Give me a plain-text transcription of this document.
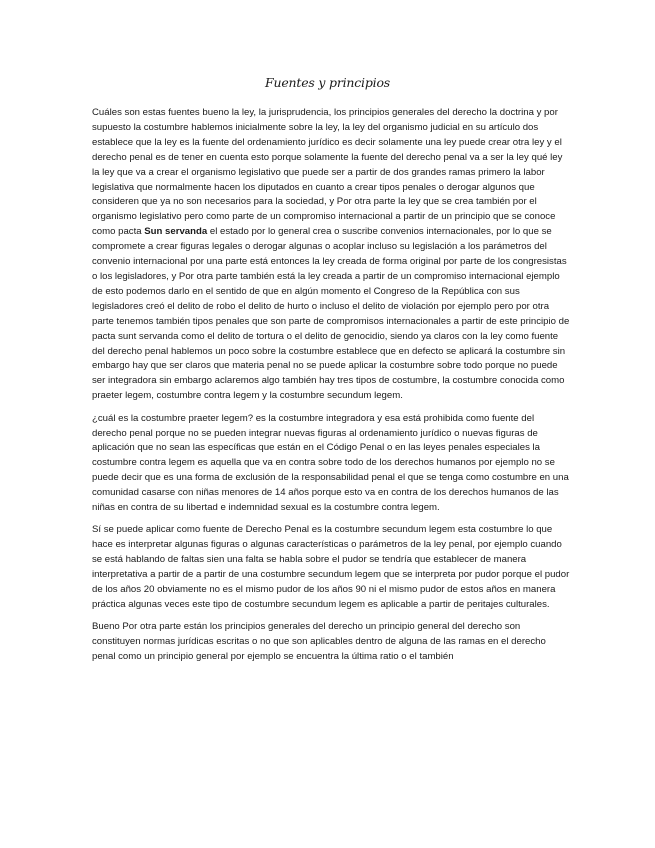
Fuentes y principios

Cuáles son estas fuentes bueno la ley, la jurisprudencia, los principios generales del derecho la doctrina y por supuesto la costumbre hablemos inicialmente sobre la ley, la ley del organismo judicial en su artículo dos establece que la ley es la fuente del ordenamiento jurídico es decir solamente una ley puede crear otra ley y el derecho penal es de tener en cuenta esto porque solamente la fuente del derecho penal va a ser la ley qué ley la ley que va a crear el organismo legislativo que puede ser a partir de dos grandes ramas primero la labor legislativa que normalmente hacen los diputados en cuanto a crear tipos penales o derogar algunos que consideren que ya no son necesarios para la sociedad, y Por otra parte la ley que se crea también por el organismo legislativo pero como parte de un compromiso internacional a partir de un principio que se conoce como pacta Sun servanda el estado por lo general crea o suscribe convenios internacionales, por lo que se compromete a crear figuras legales o derogar algunas o acoplar incluso su legislación a los parámetros del convenio internacional por una parte está entonces la ley creada de forma original por parte de los congresistas o los legisladores, y Por otra parte también está la ley creada a partir de un compromiso internacional ejemplo de esto podemos darlo en el sentido de que en algún momento el Congreso de la República con sus legisladores creó el delito de robo el delito de hurto o incluso el delito de violación por ejemplo pero por otra parte tenemos también tipos penales que son parte de compromisos internacionales a partir de este principio de pacta sunt servanda como el delito de tortura o el delito de genocidio, siendo ya claros con la ley como fuente del derecho penal hablemos un poco sobre la costumbre establece que en defecto se aplicará la costumbre sin embargo hay que ser claros que materia penal no se puede aplicar la costumbre sobre todo porque no puede ser integradora sin embargo aclaremos algo también hay tres tipos de costumbre, la costumbre conocida como praeter legem, costumbre contra legem y la costumbre secundum legem.

¿cuál es la costumbre praeter legem? es la costumbre integradora y esa está prohibida como fuente del derecho penal porque no se pueden integrar nuevas figuras al ordenamiento jurídico o nuevas figuras de aplicación que no sean las específicas que están en el Código Penal o en las leyes penales especiales la costumbre contra legem es aquella que va en contra sobre todo de los derechos humanos por ejemplo no se puede decir que es una forma de exclusión de la responsabilidad penal el que se tenga como costumbre en una comunidad casarse con niñas menores de 14 años porque esto va en contra de los derechos humanos de las niñas en contra de su libertad e indemnidad sexual es la costumbre contra legem.

Sí se puede aplicar como fuente de Derecho Penal es la costumbre secundum legem esta costumbre lo que hace es interpretar algunas figuras o algunas características o parámetros de la ley penal, por ejemplo cuando se está hablando de faltas sien una falta se habla sobre el pudor se tendría que establecer de manera interpretativa a partir de a partir de una costumbre secundum legem que se interpreta por pudor porque el pudor de los años 20 obviamente no es el mismo pudor de los años 90 ni el mismo pudor de estos años en manera práctica algunas veces este tipo de costumbre secundum legem es aplicable a partir de peritajes culturales.

Bueno Por otra parte están los principios generales del derecho un principio general del derecho son constituyen normas jurídicas escritas o no que son aplicables dentro de alguna de las ramas en el derecho penal como un principio general por ejemplo se encuentra la última ratio o el también
